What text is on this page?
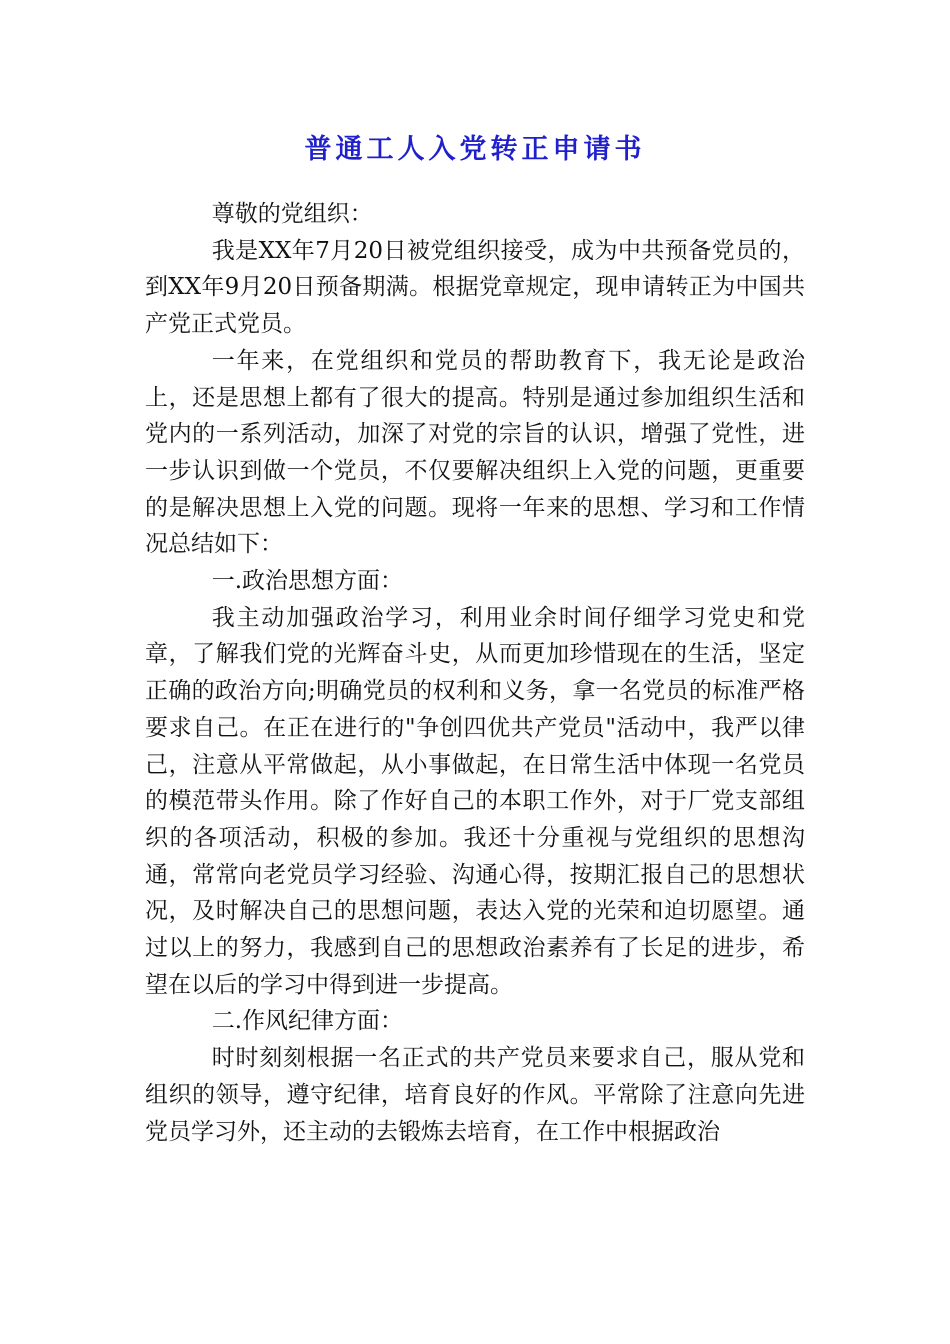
普通工人入党转正申请书

尊敬的党组织：

我是XX年7月20日被党组织接受，成为中共预备党员的，到XX年9月20日预备期满。根据党章规定，现申请转正为中国共产党正式党员。

一年来，在党组织和党员的帮助教育下，我无论是政治上，还是思想上都有了很大的提高。特别是通过参加组织生活和党内的一系列活动，加深了对党的宗旨的认识，增强了党性，进一步认识到做一个党员，不仅要解决组织上入党的问题，更重要的是解决思想上入党的问题。现将一年来的思想、学习和工作情况总结如下：

一.政治思想方面：

我主动加强政治学习，利用业余时间仔细学习党史和党章，了解我们党的光辉奋斗史，从而更加珍惜现在的生活，坚定正确的政治方向;明确党员的权利和义务，拿一名党员的标准严格要求自己。在正在进行的"争创四优共产党员"活动中，我严以律己，注意从平常做起，从小事做起，在日常生活中体现一名党员的模范带头作用。除了作好自己的本职工作外，对于厂党支部组织的各项活动，积极的参加。我还十分重视与党组织的思想沟通，常常向老党员学习经验、沟通心得，按期汇报自己的思想状况，及时解决自己的思想问题，表达入党的光荣和迫切愿望。通过以上的努力，我感到自己的思想政治素养有了长足的进步，希望在以后的学习中得到进一步提高。

二.作风纪律方面：

时时刻刻根据一名正式的共产党员来要求自己，服从党和组织的领导，遵守纪律，培育良好的作风。平常除了注意向先进党员学习外，还主动的去锻炼去培育，在工作中根据政治
